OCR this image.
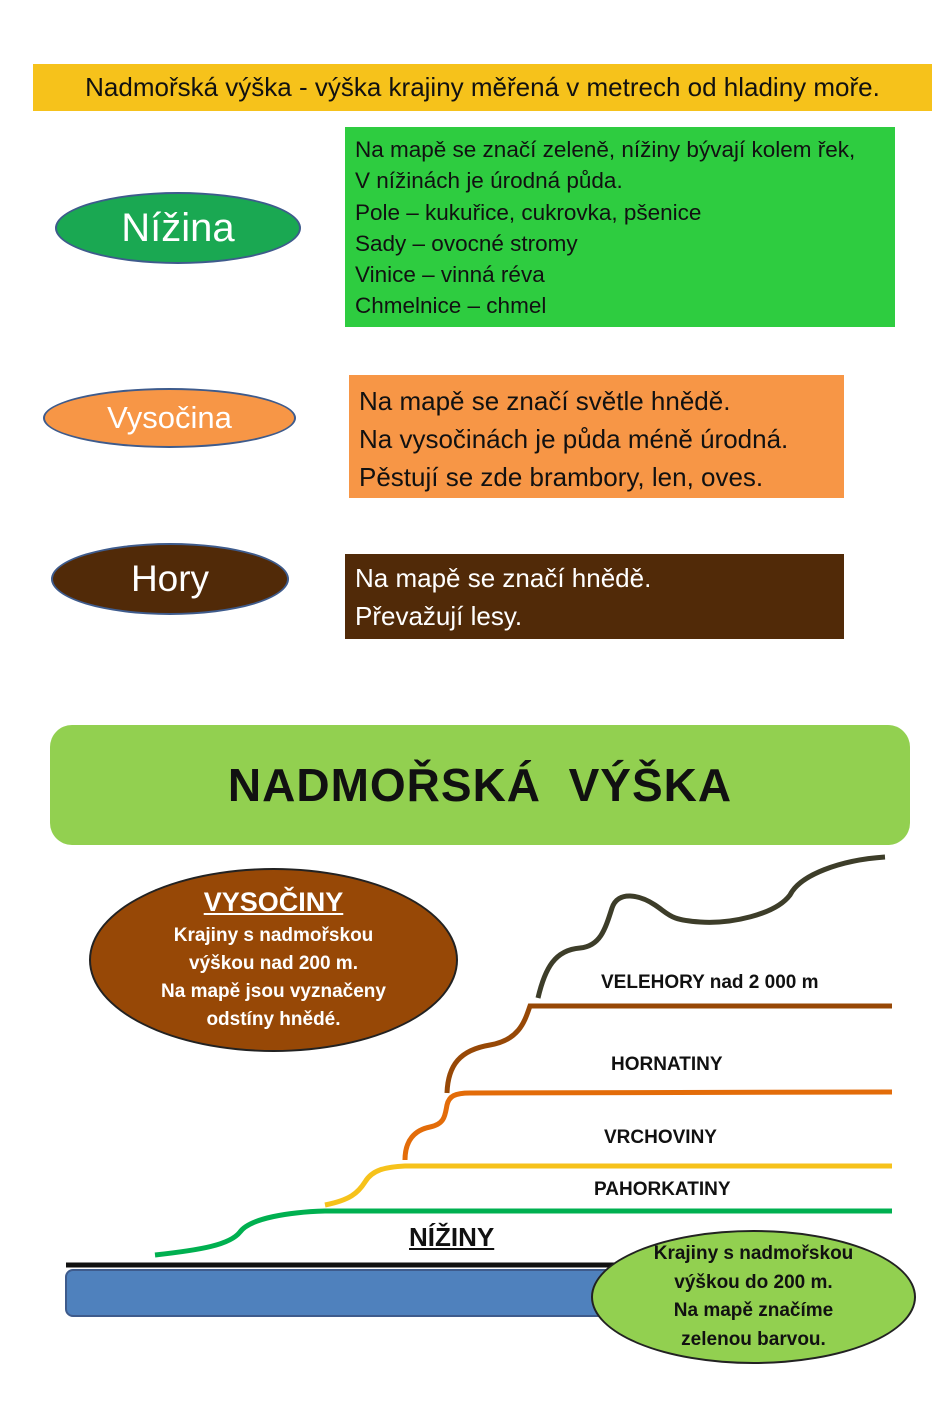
Nadmořská výška - výška krajiny měřená v metrech od hladiny moře.
Nížina
Na mapě se značí zeleně, nížiny bývají kolem řek,
V nížinách je úrodná půda.
Pole – kukuřice, cukrovka, pšenice
Sady – ovocné stromy
Vinice – vinná réva
Chmelnice – chmel
Vysočina	Na mapě se značí světle hnědě.
Na vysočinách je půda méně úrodná.
Pěstují se zde brambory, len, oves.
Hory	Na mapě se značí hnědě.
Převažují lesy.
NADMOŘSKÁ  VÝŠKA
VELEHORY nad 2 000 m
HORNATINY
VRCHOVINY
PAHORKATINY
VYSOČINY
Krajiny s nadmořskou
výškou nad 200 m.
Na mapě jsou vyznačeny
odstíny hnědé.
NÍŽINY
Krajiny s nadmořskou
výškou do 200 m.
Na mapě značíme
zelenou barvou.
